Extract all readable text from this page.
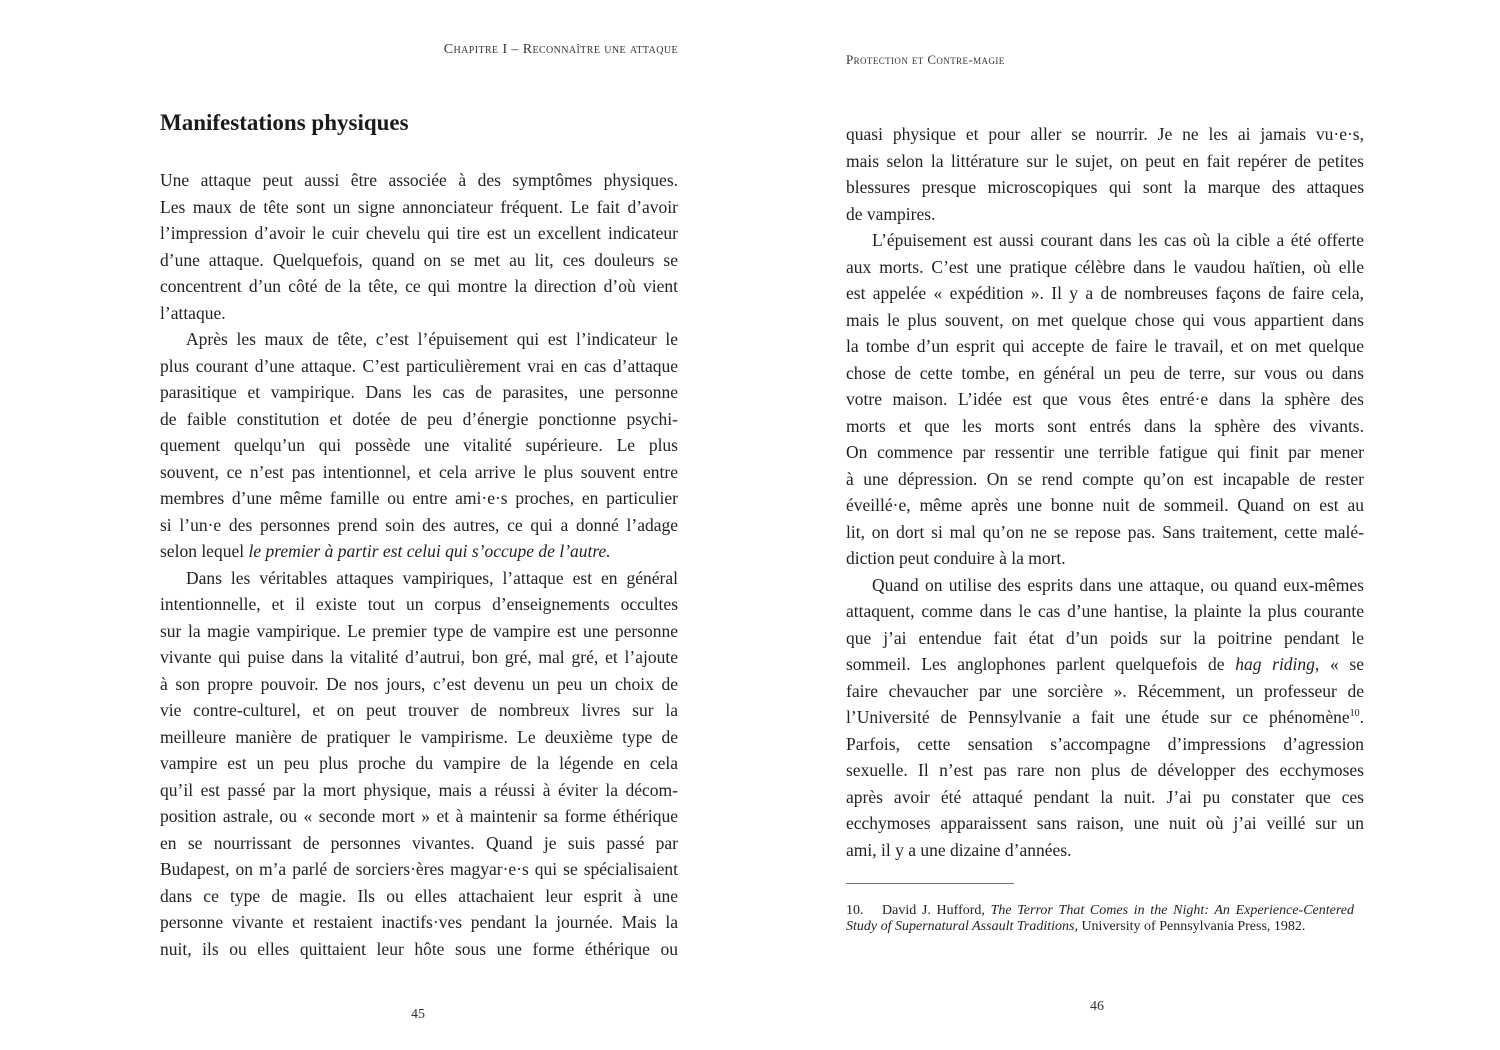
Chapitre I – Reconnaître une attaque
Manifestations physiques
Une attaque peut aussi être associée à des symptômes physiques.
Les maux de tête sont un signe annonciateur fréquent. Le fait d’avoir
l’impression d’avoir le cuir chevelu qui tire est un excellent indicateur
d’une attaque. Quelquefois, quand on se met au lit, ces douleurs se
concentrent d’un côté de la tête, ce qui montre la direction d’où vient
l’attaque.
Après les maux de tête, c’est l’épuisement qui est l’indicateur le
plus courant d’une attaque. C’est particulièrement vrai en cas d’attaque
parasitique et vampirique. Dans les cas de parasites, une personne
de faible constitution et dotée de peu d’énergie ponctionne psychi-
quement quelqu’un qui possède une vitalité supérieure. Le plus
souvent, ce n’est pas intentionnel, et cela arrive le plus souvent entre
membres d’une même famille ou entre ami·e·s proches, en particulier
si l’un·e des personnes prend soin des autres, ce qui a donné l’adage
selon lequel le premier à partir est celui qui s’occupe de l’autre.
Dans les véritables attaques vampiriques, l’attaque est en général
intentionnelle, et il existe tout un corpus d’enseignements occultes
sur la magie vampirique. Le premier type de vampire est une personne
vivante qui puise dans la vitalité d’autrui, bon gré, mal gré, et l’ajoute
à son propre pouvoir. De nos jours, c’est devenu un peu un choix de
vie contre-culturel, et on peut trouver de nombreux livres sur la
meilleure manière de pratiquer le vampirisme. Le deuxième type de
vampire est un peu plus proche du vampire de la légende en cela
qu’il est passé par la mort physique, mais a réussi à éviter la décom-
position astrale, ou « seconde mort » et à maintenir sa forme éthérique
en se nourrissant de personnes vivantes. Quand je suis passé par
Budapest, on m’a parlé de sorciers·ères magyar·e·s qui se spécialisaient
dans ce type de magie. Ils ou elles attachaient leur esprit à une
personne vivante et restaient inactifs·ves pendant la journée. Mais la
nuit, ils ou elles quittaient leur hôte sous une forme éthérique ou
45
Protection et Contre-magie
quasi physique et pour aller se nourrir. Je ne les ai jamais vu·e·s,
mais selon la littérature sur le sujet, on peut en fait repérer de petites
blessures presque microscopiques qui sont la marque des attaques
de vampires.
L’épuisement est aussi courant dans les cas où la cible a été offerte
aux morts. C’est une pratique célèbre dans le vaudou haïtien, où elle
est appelée « expédition ». Il y a de nombreuses façons de faire cela,
mais le plus souvent, on met quelque chose qui vous appartient dans
la tombe d’un esprit qui accepte de faire le travail, et on met quelque
chose de cette tombe, en général un peu de terre, sur vous ou dans
votre maison. L’idée est que vous êtes entré·e dans la sphère des
morts et que les morts sont entrés dans la sphère des vivants.
On commence par ressentir une terrible fatigue qui finit par mener
à une dépression. On se rend compte qu’on est incapable de rester
éveillé·e, même après une bonne nuit de sommeil. Quand on est au
lit, on dort si mal qu’on ne se repose pas. Sans traitement, cette malé-
diction peut conduire à la mort.
Quand on utilise des esprits dans une attaque, ou quand eux-mêmes
attaquent, comme dans le cas d’une hantise, la plainte la plus courante
que j’ai entendue fait état d’un poids sur la poitrine pendant le
sommeil. Les anglophones parlent quelquefois de hag riding, « se
faire chevaucher par une sorcière ». Récemment, un professeur de
l’Université de Pennsylvanie a fait une étude sur ce phénomène$^{10}$.
Parfois, cette sensation s’accompagne d’impressions d’agression
sexuelle. Il n’est pas rare non plus de développer des ecchymoses
après avoir été attaqué pendant la nuit. J’ai pu constater que ces
ecchymoses apparaissent sans raison, une nuit où j’ai veillé sur un
ami, il y a une dizaine d’années.
10. David J. Hufford, The Terror That Comes in the Night: An Experience-Centered Study of Supernatural Assault Traditions, University of Pennsylvania Press, 1982.
46
